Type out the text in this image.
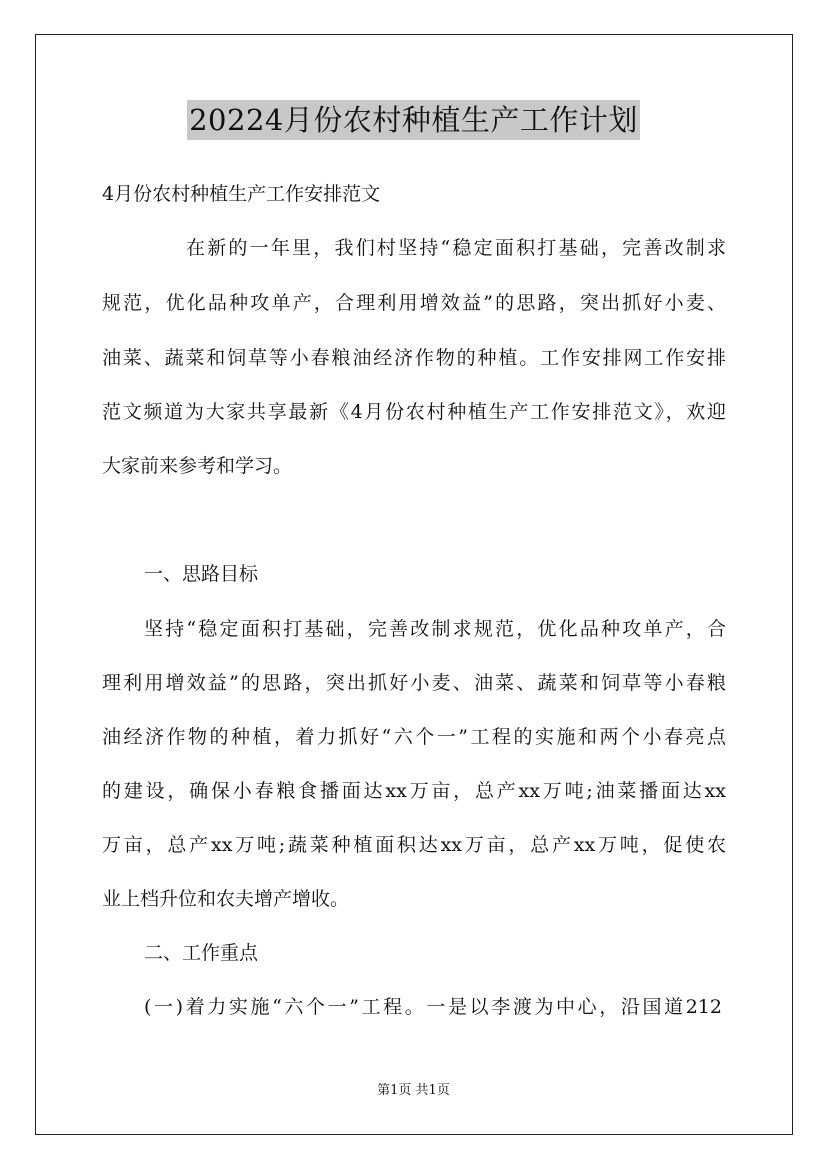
20224月份农村种植生产工作计划
4月份农村种植生产工作安排范文
在新的一年里，我们村坚持“稳定面积打基础，完善改制求
规范，优化品种攻单产，合理利用增效益”的思路，突出抓好小麦、
油菜、蔬菜和饲草等小春粮油经济作物的种植。工作安排网工作安排
范文频道为大家共享最新《4月份农村种植生产工作安排范文》，欢迎
大家前来参考和学习。
一、思路目标
坚持“稳定面积打基础，完善改制求规范，优化品种攻单产，合
理利用增效益”的思路，突出抓好小麦、油菜、蔬菜和饲草等小春粮
油经济作物的种植，着力抓好“六个一”工程的实施和两个小春亮点
的建设，确保小春粮食播面达xx万亩，总产xx万吨;油菜播面达xx
万亩，总产xx万吨;蔬菜种植面积达xx万亩，总产xx万吨，促使农
业上档升位和农夫增产增收。
二、工作重点
(一)着力实施“六个一”工程。一是以李渡为中心，沿国道212
第1页 共1页
